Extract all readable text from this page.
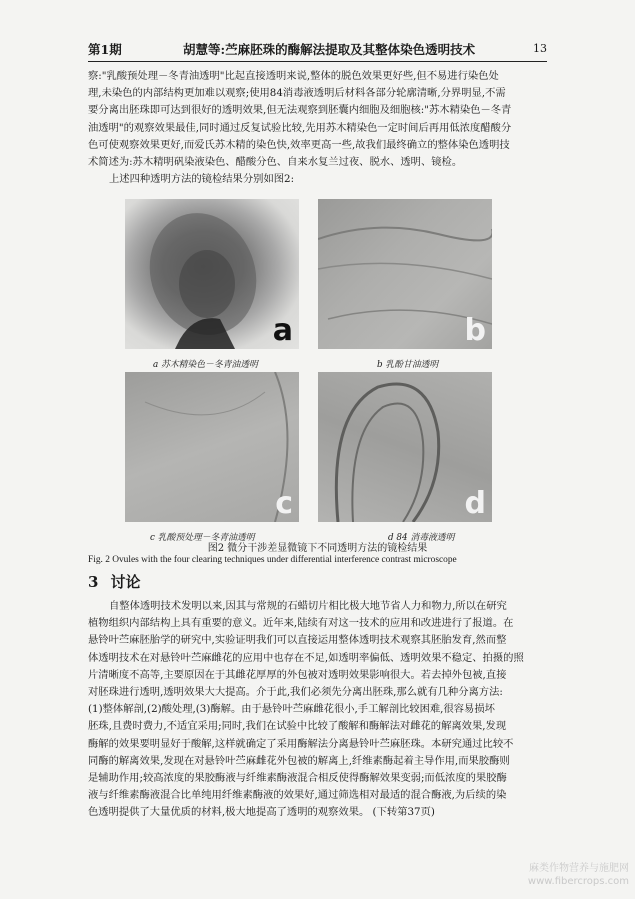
第1期	胡慧等:苎麻胚珠的酶解法提取及其整体染色透明技术	13
察:"乳酸预处理－冬青油透明"比起直接透明来说,整体的脱色效果更好些,但不易进行染色处
理,未染色的内部结构更加难以观察;使用84消毒液透明后材料各部分轮廓清晰,分界明显,不需
要分离出胚珠即可达到很好的透明效果,但无法观察到胚囊内细胞及细胞核:"苏木精染色－冬青
油透明"的观察效果最佳,同时通过反复试验比较,先用苏木精染色一定时间后再用低浓度醋酸分
色可使观察效果更好,而爱氏苏木精的染色快,效率更高一些,故我们最终确立的整体染色透明技
术简述为:苏木精明矾染液染色、醋酸分色、自来水复兰过夜、脱水、透明、镜检。
上述四种透明方法的镜检结果分别如图2:
a	b
c	d
a 苏木精染色－冬青油透明	b 乳酚甘油透明
c 乳酸预处理－冬青油透明	d 84 消毒液透明
图2 微分干涉差显微镜下不同透明方法的镜检结果
Fig. 2 Ovules with the four clearing techniques under differential interference contrast microscope
3 讨论
自整体透明技术发明以来,因其与常规的石蜡切片相比极大地节省人力和物力,所以在研究
植物组织内部结构上具有重要的意义。近年来,陆续有对这一技术的应用和改进进行了报道。在
悬铃叶苎麻胚胎学的研究中,实验证明我们可以直接运用整体透明技术观察其胚胎发育,然而整
体透明技术在对悬铃叶苎麻雌花的应用中也存在不足,如透明率偏低、透明效果不稳定、拍摄的照
片清晰度不高等,主要原因在于其雌花厚厚的外包被对透明效果影响很大。若去掉外包被,直接
对胚珠进行透明,透明效果大大提高。介于此,我们必须先分离出胚珠,那么就有几种分离方法:
(1)整体解剖,(2)酸处理,(3)酶解。由于悬铃叶苎麻雌花很小,手工解剖比较困难,很容易损坏
胚珠,且费时费力,不适宜采用;同时,我们在试验中比较了酸解和酶解法对雌花的解离效果,发现
酶解的效果要明显好于酸解,这样就确定了采用酶解法分离悬铃叶苎麻胚珠。本研究通过比较不
同酶的解离效果,发现在对悬铃叶苎麻雌花外包被的解离上,纤维素酶起着主导作用,而果胶酶则
是辅助作用;较高浓度的果胶酶液与纤维素酶液混合相反使得酶解效果变弱;而低浓度的果胶酶
液与纤维素酶液混合比单纯用纤维素酶液的效果好,通过筛选相对最适的混合酶液,为后续的染
色透明提供了大量优质的材料,极大地提高了透明的观察效果。 (下转第37页)
麻类作物营养与施肥网
www.fibercrops.com
